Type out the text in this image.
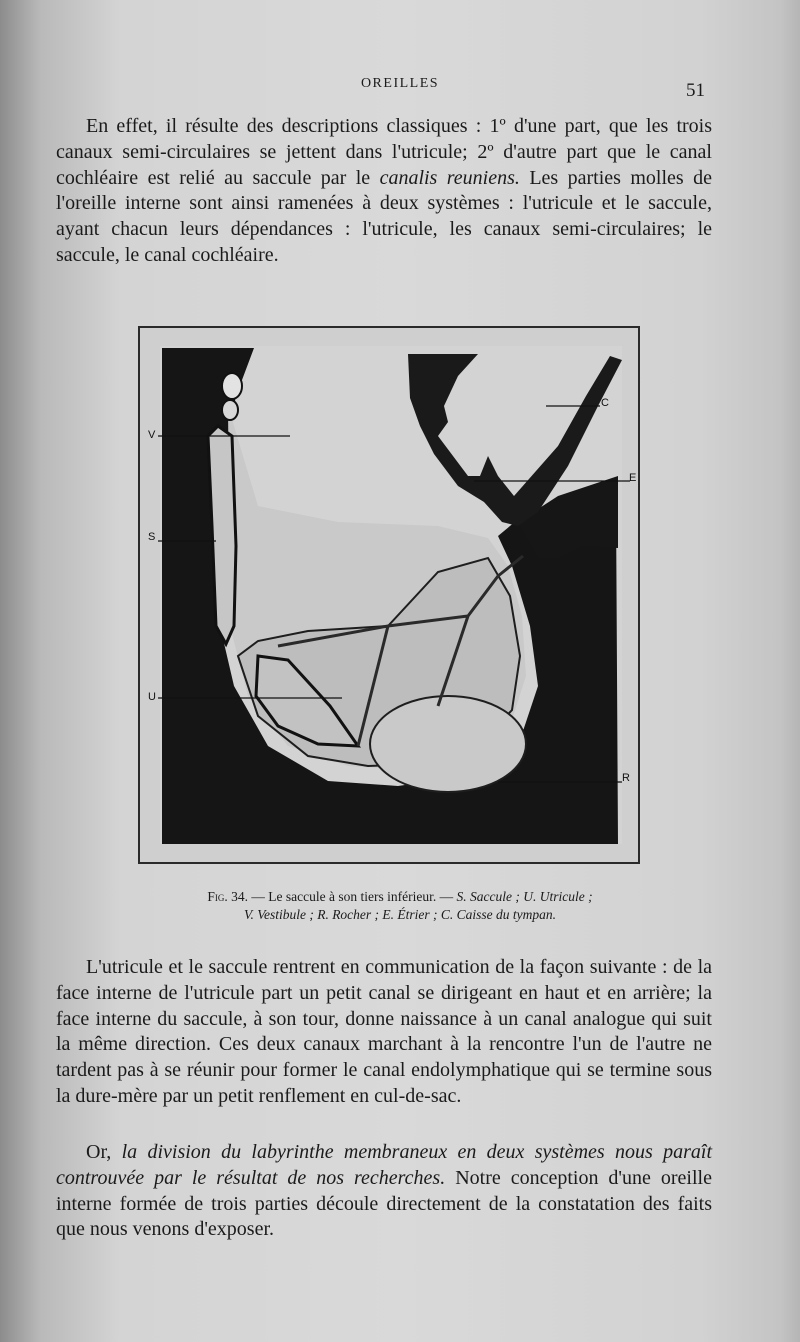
OREILLES	51

En effet, il résulte des descriptions classiques : 1º d'une part, que les trois canaux semi-circulaires se jettent dans l'utricule; 2º d'autre part que le canal cochléaire est relié au saccule par le canalis reuniens. Les parties molles de l'oreille interne sont ainsi ramenées à deux systèmes : l'utricule et le saccule, ayant chacun leurs dépendances : l'utricule, les canaux semi-circulaires; le saccule, le canal cochléaire.

V
S
U
C
E
R
Fig. 34. — Le saccule à son tiers inférieur. — S. Saccule ; U. Utricule ;
V. Vestibule ; R. Rocher ; E. Étrier ; C. Caisse du tympan.

L'utricule et le saccule rentrent en communication de la façon suivante : de la face interne de l'utricule part un petit canal se dirigeant en haut et en arrière; la face interne du saccule, à son tour, donne naissance à un canal analogue qui suit la même direction. Ces deux canaux marchant à la rencontre l'un de l'autre ne tardent pas à se réunir pour former le canal endolymphatique qui se termine sous la dure-mère par un petit renflement en cul-de-sac.

Or, la division du labyrinthe membraneux en deux systèmes nous paraît controuvée par le résultat de nos recherches. Notre conception d'une oreille interne formée de trois parties découle directement de la constatation des faits que nous venons d'exposer.
